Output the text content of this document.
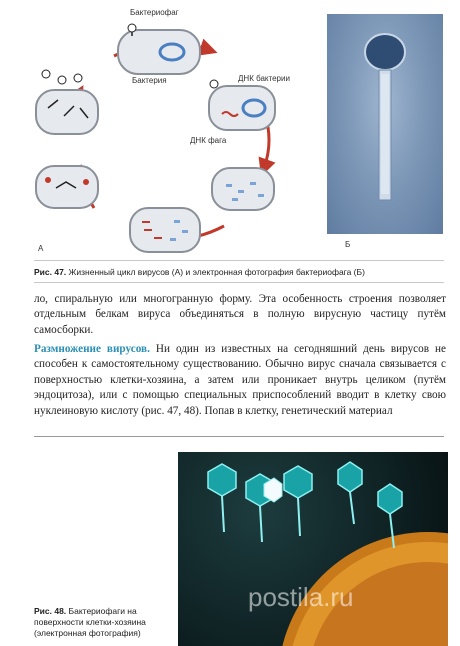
Бактериофаг
Бактерия	ДНК бактерии
ДНК фага
А	Б
Рис. 47. Жизненный цикл вирусов (А) и электронная фотография бактериофага (Б)
ло, спиральную или многогранную форму. Эта особенность строения позволяет отдельным белкам вируса объединяться в полную вирусную частицу путём самосборки.
Размножение вирусов. Ни один из известных на сегодняшний день вирусов не способен к самостоятельному существованию. Обычно вирус сначала связывается с поверхностью клетки-хозяина, а затем или проникает внутрь целиком (путём эндоцитоза), или с помощью специальных приспособлений вводит в клетку свою нуклеиновую кислоту (рис. 47, 48). Попав в клетку, генетический материал
postila.ru
Рис. 48. Бактериофаги на поверхности клетки-хозяина (электронная фотография)
